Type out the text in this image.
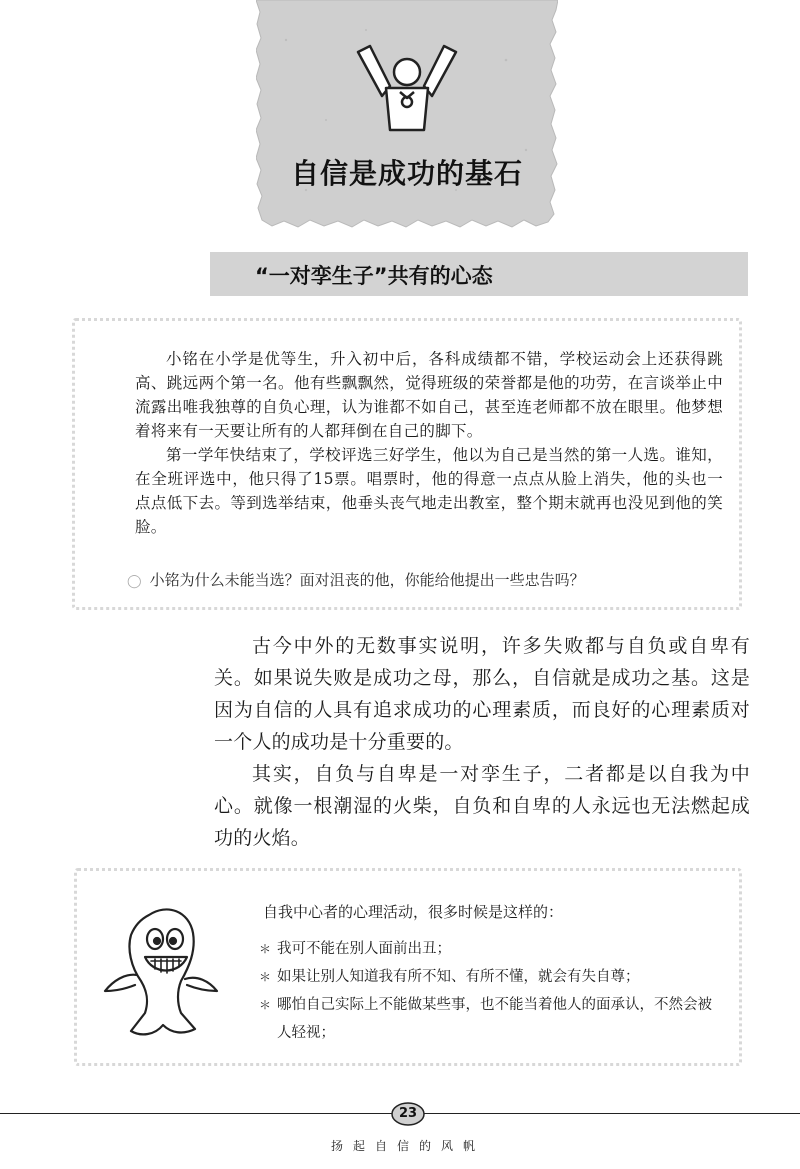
自信是成功的基石
“一对孪生子”共有的心态

小铭在小学是优等生，升入初中后，各科成绩都不错，学校运动会上还获得跳高、跳远两个第一名。他有些飘飘然，觉得班级的荣誉都是他的功劳，在言谈举止中流露出唯我独尊的自负心理，认为谁都不如自己，甚至连老师都不放在眼里。他梦想着将来有一天要让所有的人都拜倒在自己的脚下。

第一学年快结束了，学校评选三好学生，他以为自己是当然的第一人选。谁知，在全班评选中，他只得了15票。唱票时，他的得意一点点从脸上消失，他的头也一点点低下去。等到选举结束，他垂头丧气地走出教室，整个期末就再也没见到他的笑脸。

◯ 小铭为什么未能当选？面对沮丧的他，你能给他提出一些忠告吗？

古今中外的无数事实说明，许多失败都与自负或自卑有关。如果说失败是成功之母，那么，自信就是成功之基。这是因为自信的人具有追求成功的心理素质，而良好的心理素质对一个人的成功是十分重要的。

其实，自负与自卑是一对孪生子，二者都是以自我为中心。就像一根潮湿的火柴，自负和自卑的人永远也无法燃起成功的火焰。

自我中心者的心理活动，很多时候是这样的：
＊ 我可不能在别人面前出丑；
＊ 如果让别人知道我有所不知、有所不懂，就会有失自尊；
＊ 哪怕自己实际上不能做某些事，也不能当着他人的面承认，不然会被人轻视；
23
扬起自信的风帆
